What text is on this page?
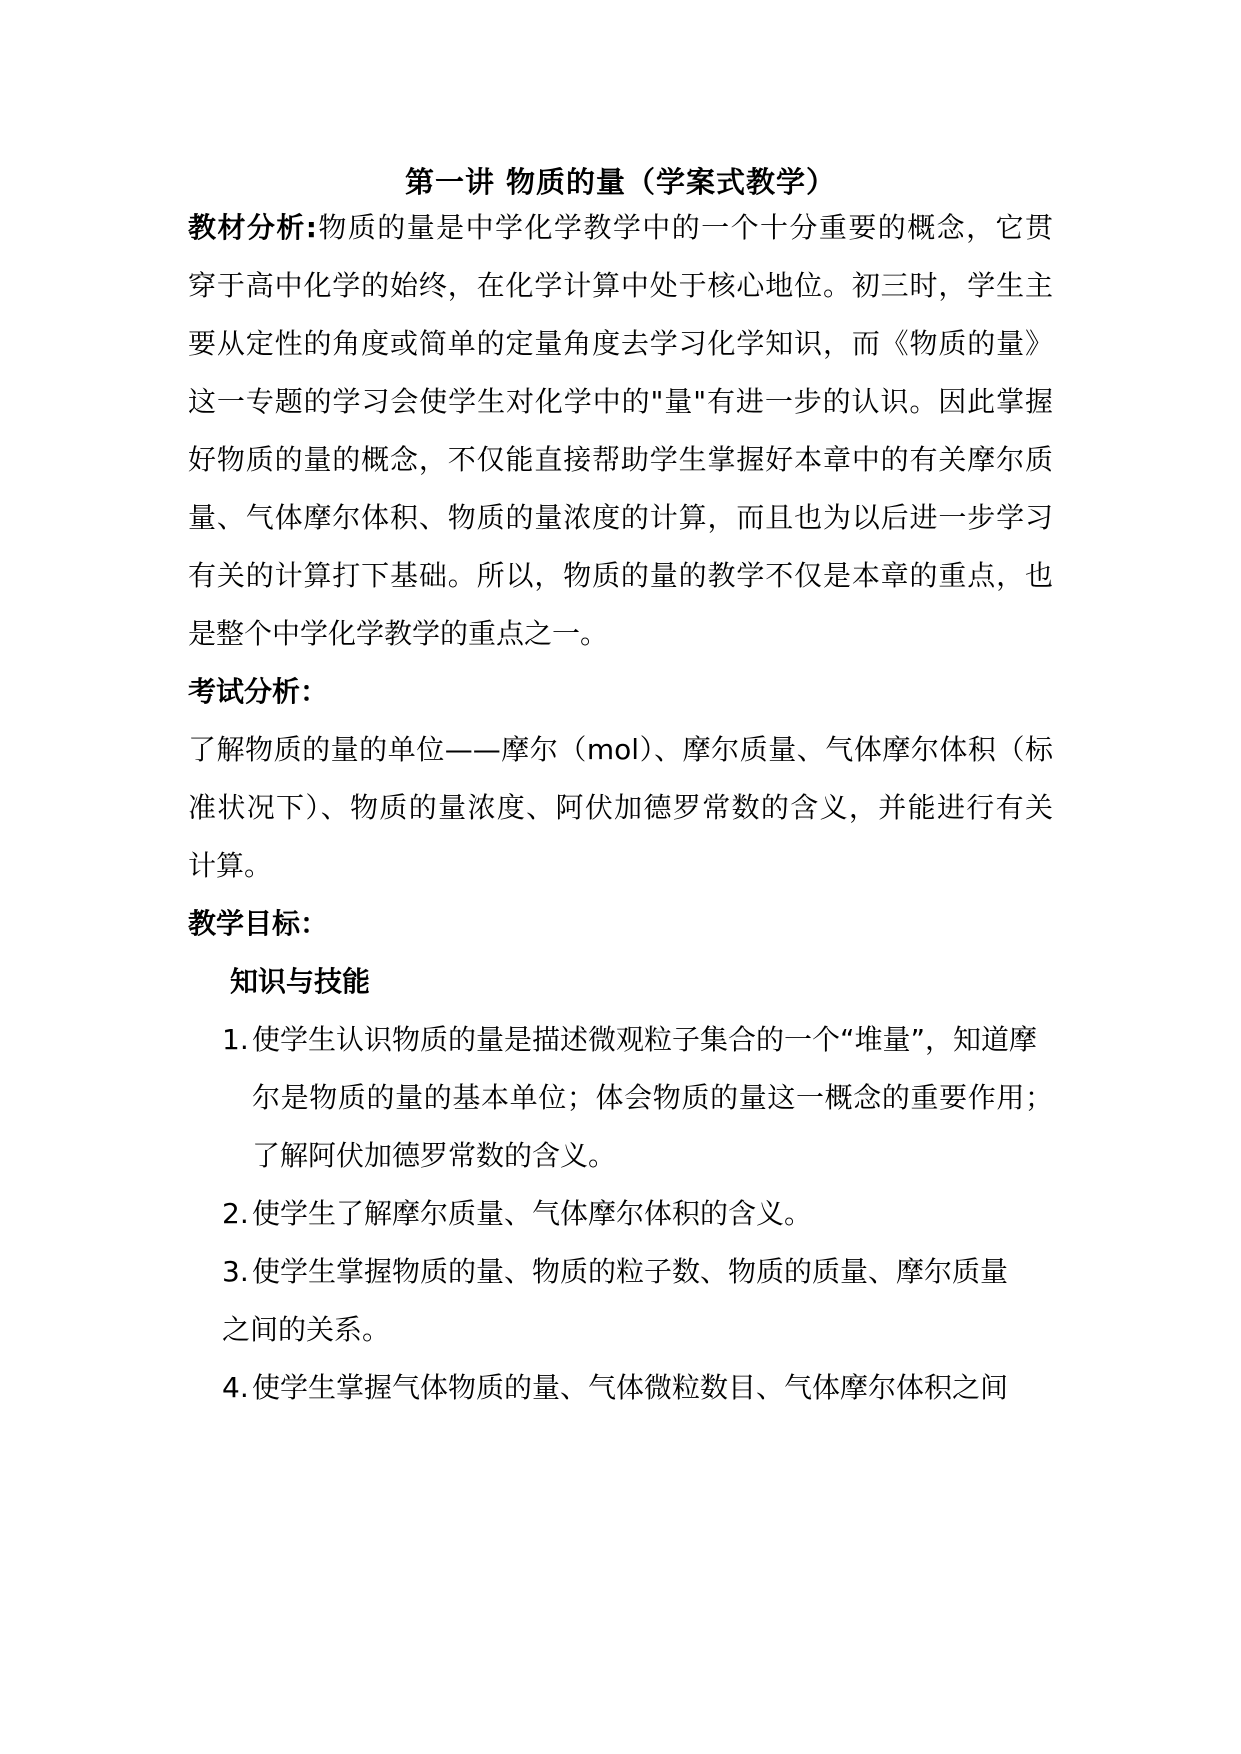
第一讲 物质的量（学案式教学）
教材分析:物质的量是中学化学教学中的一个十分重要的概念，它贯
穿于高中化学的始终，在化学计算中处于核心地位。初三时，学生主
要从定性的角度或简单的定量角度去学习化学知识，而《物质的量》
这一专题的学习会使学生对化学中的"量"有进一步的认识。因此掌握
好物质的量的概念，不仅能直接帮助学生掌握好本章中的有关摩尔质
量、气体摩尔体积、物质的量浓度的计算，而且也为以后进一步学习
有关的计算打下基础。所以，物质的量的教学不仅是本章的重点，也
是整个中学化学教学的重点之一。
考试分析：
了解物质的量的单位——摩尔（mol）、摩尔质量、气体摩尔体积（标
准状况下）、物质的量浓度、阿伏加德罗常数的含义，并能进行有关
计算。
教学目标：
知识与技能
1. 使学生认识物质的量是描述微观粒子集合的一个“堆量”，知道摩
尔是物质的量的基本单位；体会物质的量这一概念的重要作用；
了解阿伏加德罗常数的含义。
2. 使学生了解摩尔质量、气体摩尔体积的含义。
3. 使学生掌握物质的量、物质的粒子数、物质的质量、摩尔质量
之间的关系。
4. 使学生掌握气体物质的量、气体微粒数目、气体摩尔体积之间
